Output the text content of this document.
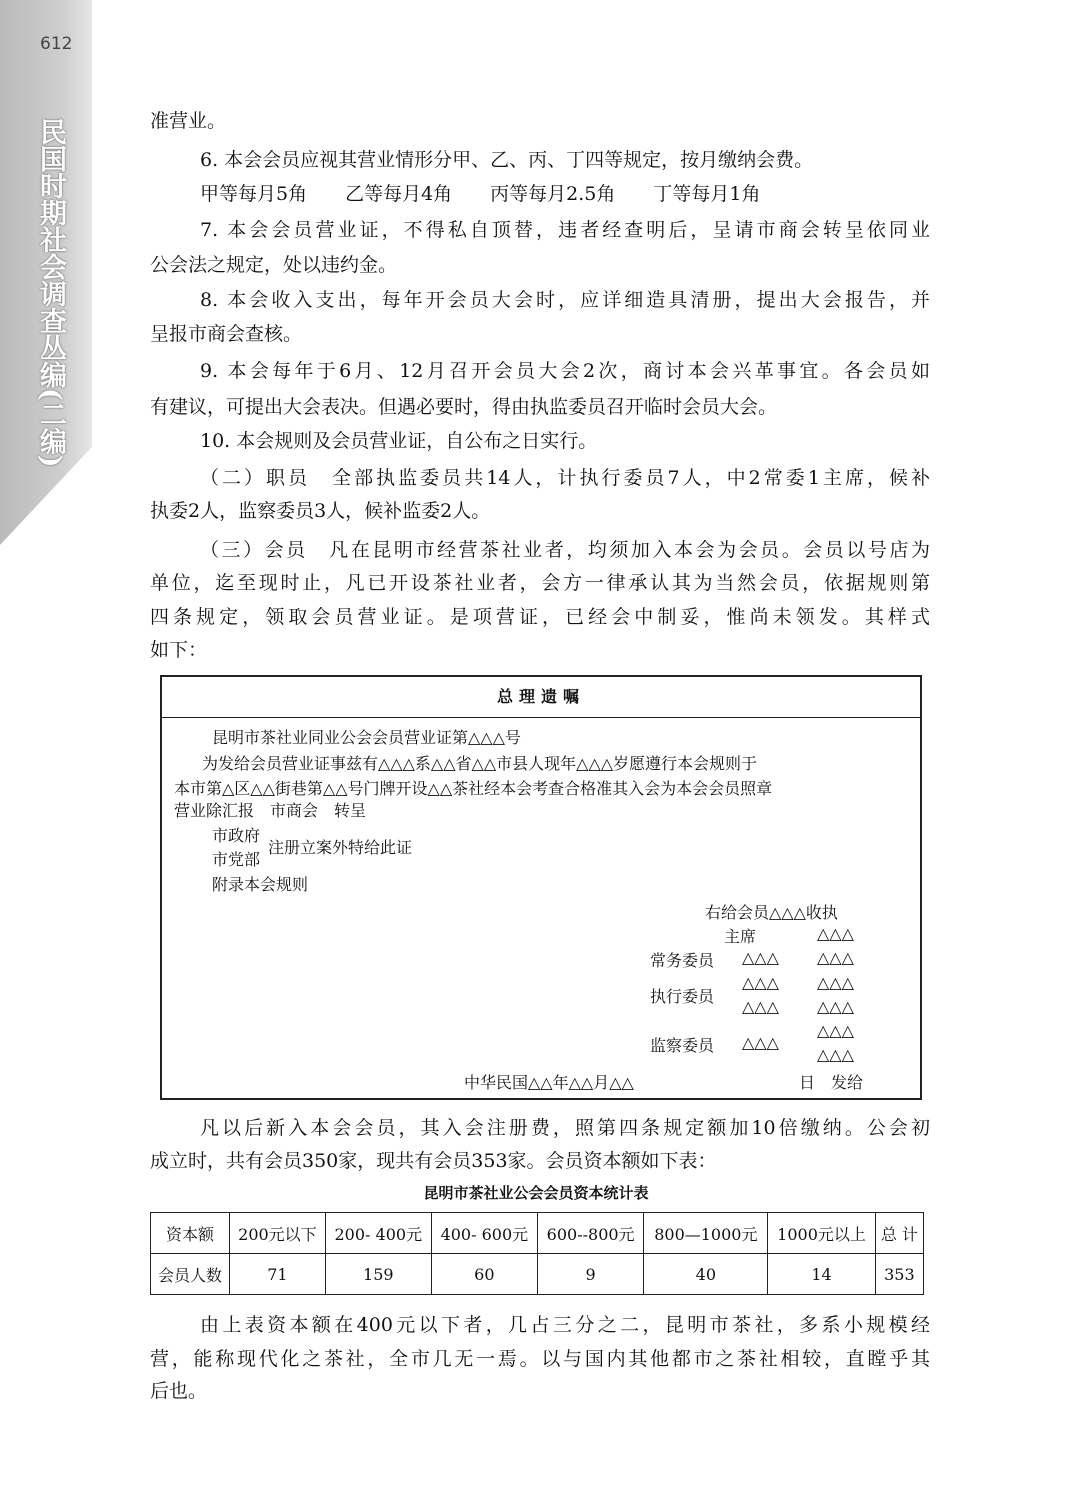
612
民国时期社会调查丛编(二编)	准营业。
6. 本会会员应视其营业情形分甲、乙、丙、丁四等规定，按月缴纳会费。
甲等每月5角　　乙等每月4角　　丙等每月2.5角　　丁等每月1角
7. 本会会员营业证，不得私自顶替，违者经查明后，呈请市商会转呈依同业
公会法之规定，处以违约金。
8. 本会收入支出，每年开会员大会时，应详细造具清册，提出大会报告，并
呈报市商会查核。
9. 本会每年于6月、12月召开会员大会2次，商讨本会兴革事宜。各会员如
有建议，可提出大会表决。但遇必要时，得由执监委员召开临时会员大会。
10. 本会规则及会员营业证，自公布之日实行。
（二）职员　全部执监委员共14人，计执行委员7人，中2常委1主席，候补
执委2人，监察委员3人，候补监委2人。
（三）会员　凡在昆明市经营茶社业者，均须加入本会为会员。会员以号店为
单位，迄至现时止，凡已开设茶社业者，会方一律承认其为当然会员，依据规则第
四条规定，领取会员营业证。是项营证，已经会中制妥，惟尚未领发。其样式
如下：
总理遗嘱
昆明市茶社业同业公会会员营业证第△△△号
为发给会员营业证事兹有△△△系△△省△△市县人现年△△△岁愿遵行本会规则于
本市第△区△△街巷第△△号门牌开设△△茶社经本会考查合格准其入会为本会会员照章
营业除汇报　市商会　转呈
市政府
注册立案外特给此证
市党部
附录本会规则
右给会员△△△收执
主席	△△△
常务委员 △△△ △△△
执行委员
△△△ △△△
△△△ △△△
监察委员 △△△
△△△
△△△
中华民国△△年△△月△△	日　发给
凡以后新入本会会员，其入会注册费，照第四条规定额加10倍缴纳。公会初
成立时，共有会员350家，现共有会员353家。会员资本额如下表：
昆明市茶社业公会会员资本统计表
资本额	200元以下	200- 400元	400- 600元	600--800元	800—1000元	1000元以上	总 计
会员人数	71	159	60	9	40	14	353
由上表资本额在400元以下者，几占三分之二，昆明市茶社，多系小规模经
营，能称现代化之茶社，全市几无一焉。以与国内其他都市之茶社相较，直瞠乎其
后也。
